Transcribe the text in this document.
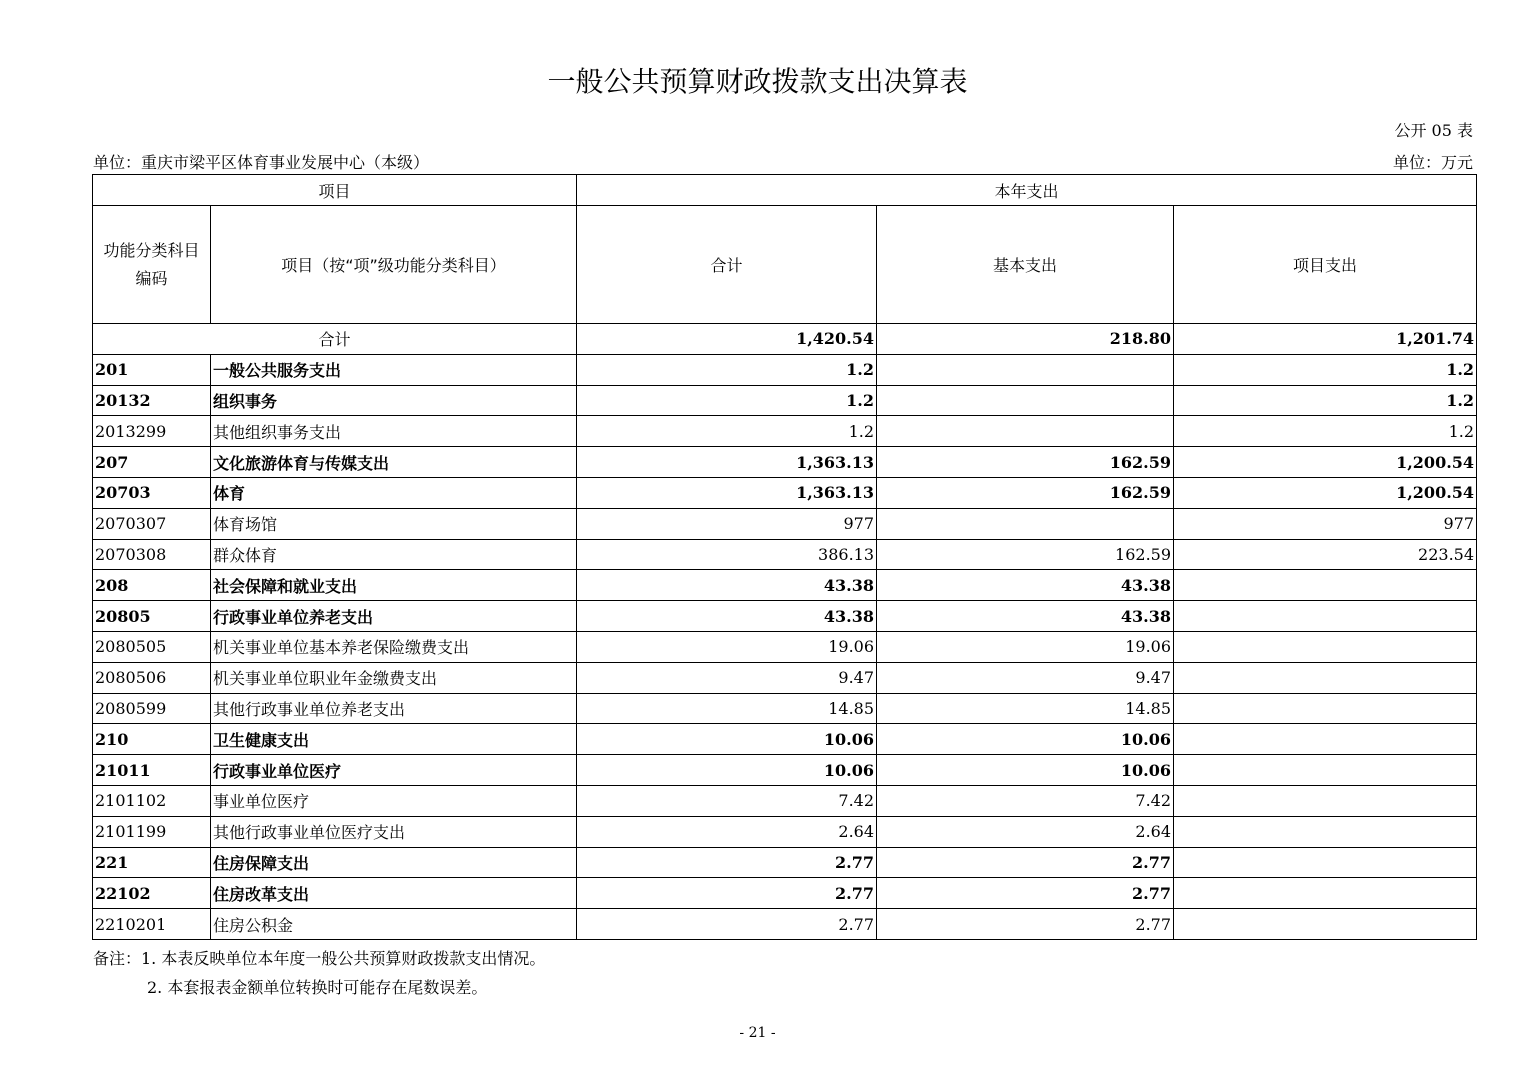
一般公共预算财政拨款支出决算表
公开 05 表
单位：重庆市梁平区体育事业发展中心（本级）	单位：万元
项目		本年支出		
功能分类科目编码	项目（按“项”级功能分类科目）	合计	基本支出	项目支出
合计		1,420.54	218.80	1,201.74
201	一般公共服务支出	1.2		1.2
20132	组织事务	1.2		1.2
2013299	其他组织事务支出	1.2		1.2
207	文化旅游体育与传媒支出	1,363.13	162.59	1,200.54
20703	体育	1,363.13	162.59	1,200.54
2070307	体育场馆	977		977
2070308	群众体育	386.13	162.59	223.54
208	社会保障和就业支出	43.38	43.38	
20805	行政事业单位养老支出	43.38	43.38	
2080505	机关事业单位基本养老保险缴费支出	19.06	19.06	
2080506	机关事业单位职业年金缴费支出	9.47	9.47	
2080599	其他行政事业单位养老支出	14.85	14.85	
210	卫生健康支出	10.06	10.06	
21011	行政事业单位医疗	10.06	10.06	
2101102	事业单位医疗	7.42	7.42	
2101199	其他行政事业单位医疗支出	2.64	2.64	
221	住房保障支出	2.77	2.77	
22102	住房改革支出	2.77	2.77	
2210201	住房公积金	2.77	2.77	
备注：1. 本表反映单位本年度一般公共预算财政拨款支出情况。
2. 本套报表金额单位转换时可能存在尾数误差。
- 21 -
